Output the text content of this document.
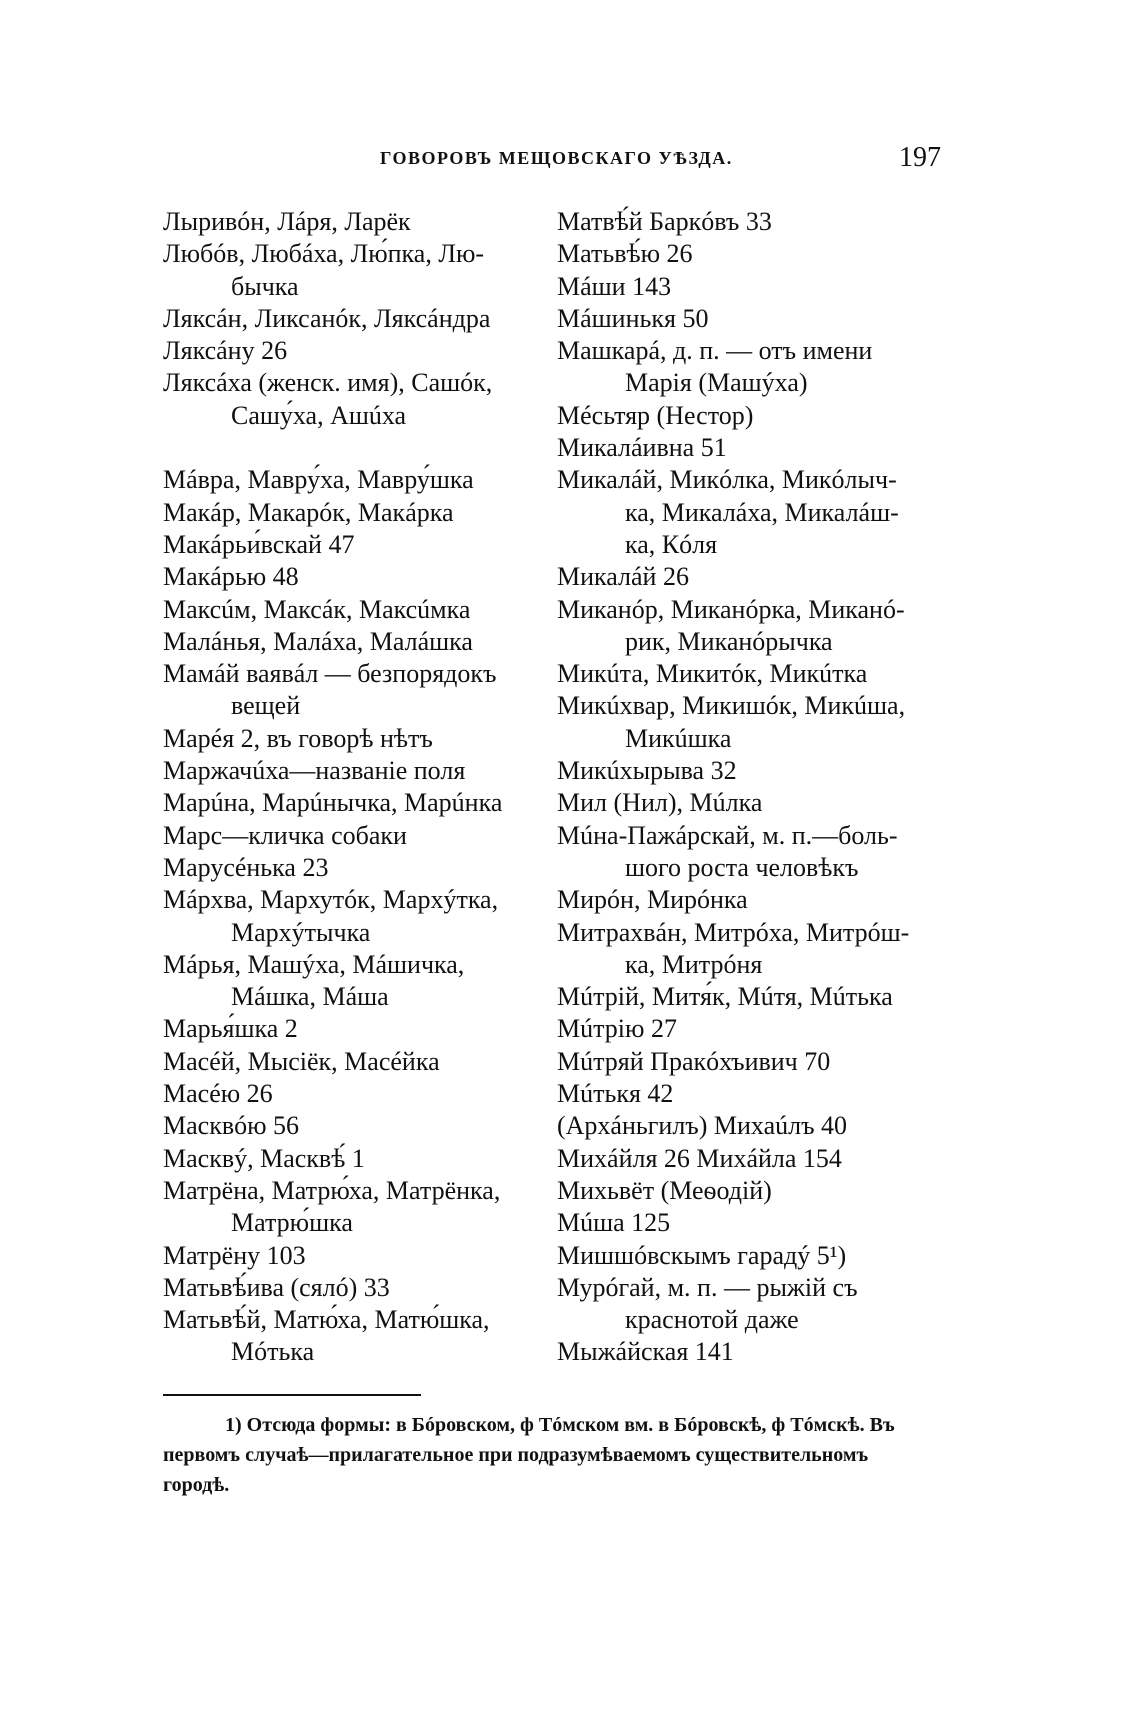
ГОВОРОВЪ МЕЩОВСКАГО УѢЗДА.	197
Лыривóн, Лáря, Ларёк
Любóв, Любáха, Лю́пка, Лю-
бычка
Ляксáн, Ликсанóк, Ляксáндра
Ляксáну 26
Ляксáха (женск. имя), Сашóк,
Сашу́ха, Ашúха
Мáвра, Мавру́ха, Мавру́шка
Макáр, Макарóк, Макáрка
Макáрьи́вскай 47
Макáрью 48
Максúм, Максáк, Максúмка
Малáнья, Малáха, Малáшка
Мамáй ваявáл — безпорядокъ
вещей
Марéя 2, въ говорѣ нѣтъ
Маржачúха—названіе поля
Марúна, Марúнычка, Марúнка
Марс—кличка собаки
Марусéнька 23
Мáрхва, Мархутóк, Мархýтка,
Мархýтычка
Мáрья, Машýха, Мáшичка,
Мáшка, Мáша
Марья́шка 2
Масéй, Мысіёк, Масéйка
Масéю 26
Масквóю 56
Масквý, Масквѣ́ 1
Матрёна, Матрю́ха, Матрёнка,
Матрю́шка
Матрёну 103
Матьвѣ́ива (сялó) 33
Матьвѣ́й, Матю́ха, Матю́шка,
Мóтька
Матвѣ́й Баркóвъ 33
Матьвѣ́ю 26
Мáши 143
Мáшинькя 50
Машкарá, д. п. — отъ имени
Марія (Машýха)
Мéсьтяр (Нестор)
Микалáивна 51
Микалáй, Микóлка, Микóлыч-
ка, Микалáха, Микалáш-
ка, Кóля
Микалáй 26
Миканóр, Миканóрка, Миканó-
рик, Миканóрычка
Микúта, Микитóк, Микúтка
Микúхвар, Микишóк, Микúша,
Микúшка
Микúхырыва 32
Мил (Нил), Мúлка
Мúна-Пажáрскай, м. п.—боль-
шого роста человѣкъ
Мирóн, Мирóнка
Митрахвáн, Митрóха, Митрóш-
ка, Митрóня
Мúтрій, Митя́к, Мúтя, Мúтька
Мúтрію 27
Мúтряй Пракóхъивич 70
Мúтькя 42
(Архáньгилъ) Михаúлъ 40
Михáйля 26 Михáйла 154
Михьвёт (Меѳодій)
Мúша 125
Мишшóвскымъ гарадý 5¹)
Мурóгай, м. п. — рыжій съ
краснотой даже
Мыжáйская 141
1) Отсюда формы: в Бóровском, ф Тóмском вм. в Бóровскѣ, ф Тóмскѣ. Въ
первомъ случаѣ—прилагательное при подразумѣваемомъ существительномъ
городѣ.
